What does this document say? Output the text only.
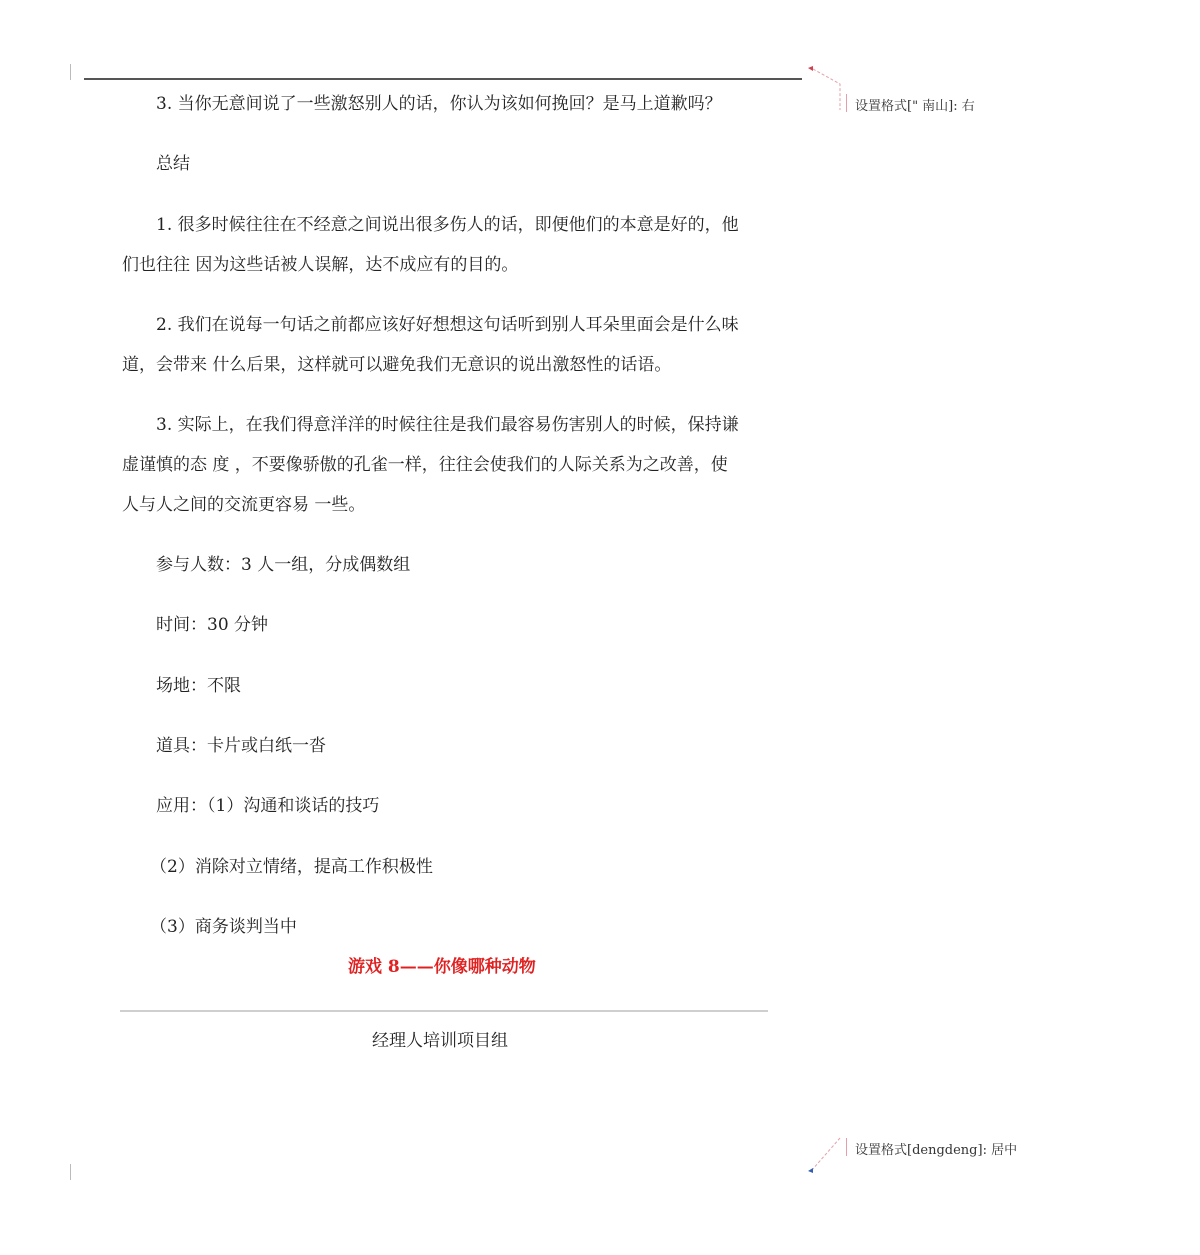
设置格式[" 南山]: 右
设置格式[dengdeng]: 居中
3. 当你无意间说了一些激怒别人的话，你认为该如何挽回？是马上道歉吗？
总结
1. 很多时候往往在不经意之间说出很多伤人的话，即便他们的本意是好的，他
们也往往 因为这些话被人误解，达不成应有的目的。
2. 我们在说每一句话之前都应该好好想想这句话听到别人耳朵里面会是什么味
道，会带来 什么后果，这样就可以避免我们无意识的说出激怒性的话语。
3. 实际上，在我们得意洋洋的时候往往是我们最容易伤害别人的时候，保持谦
虚谨慎的态 度 ，不要像骄傲的孔雀一样，往往会使我们的人际关系为之改善，使
人与人之间的交流更容易 一些。
参与人数：3 人一组，分成偶数组
时间：30 分钟
场地：不限
道具：卡片或白纸一沓
应用：（1）沟通和谈话的技巧
（2）消除对立情绪，提高工作积极性
（3）商务谈判当中
游戏 8——你像哪种动物
经理人培训项目组
